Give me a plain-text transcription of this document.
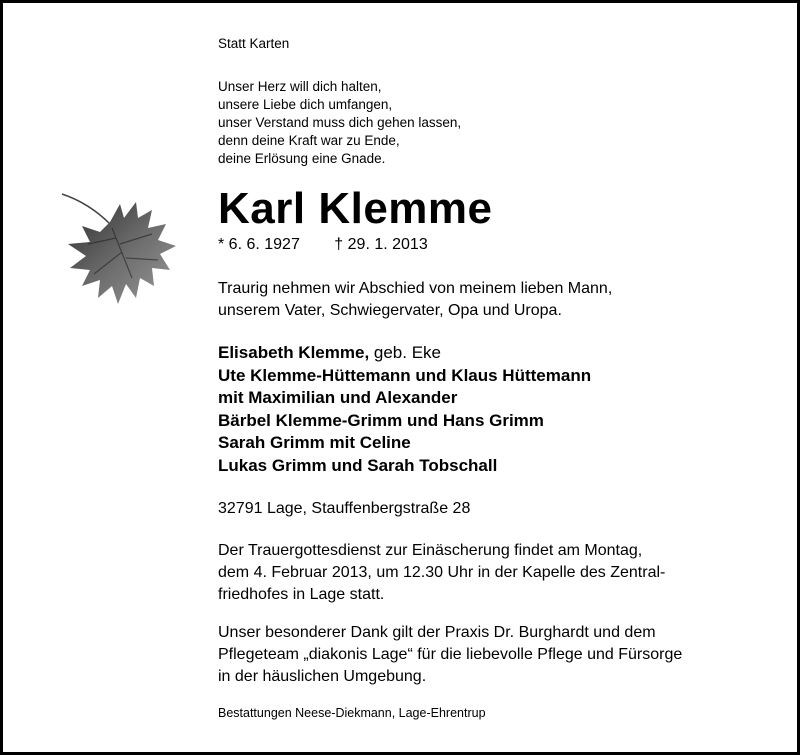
Statt Karten
Unser Herz will dich halten,
unsere Liebe dich umfangen,
unser Verstand muss dich gehen lassen,
denn deine Kraft war zu Ende,
deine Erlösung eine Gnade.
Karl Klemme
* 6. 6. 1927 † 29. 1. 2013
Traurig nehmen wir Abschied von meinem lieben Mann,
unserem Vater, Schwiegervater, Opa und Uropa.
Elisabeth Klemme, geb. Eke
Ute Klemme-Hüttemann und Klaus Hüttemann
mit Maximilian und Alexander
Bärbel Klemme-Grimm und Hans Grimm
Sarah Grimm mit Celine
Lukas Grimm und Sarah Tobschall
32791 Lage, Stauffenbergstraße 28
Der Trauergottesdienst zur Einäscherung findet am Montag,
dem 4. Februar 2013, um 12.30 Uhr in der Kapelle des Zentral-
friedhofes in Lage statt.
Unser besonderer Dank gilt der Praxis Dr. Burghardt und dem
Pflegeteam „diakonis Lage“ für die liebevolle Pflege und Fürsorge
in der häuslichen Umgebung.
Bestattungen Neese-Diekmann, Lage-Ehrentrup
